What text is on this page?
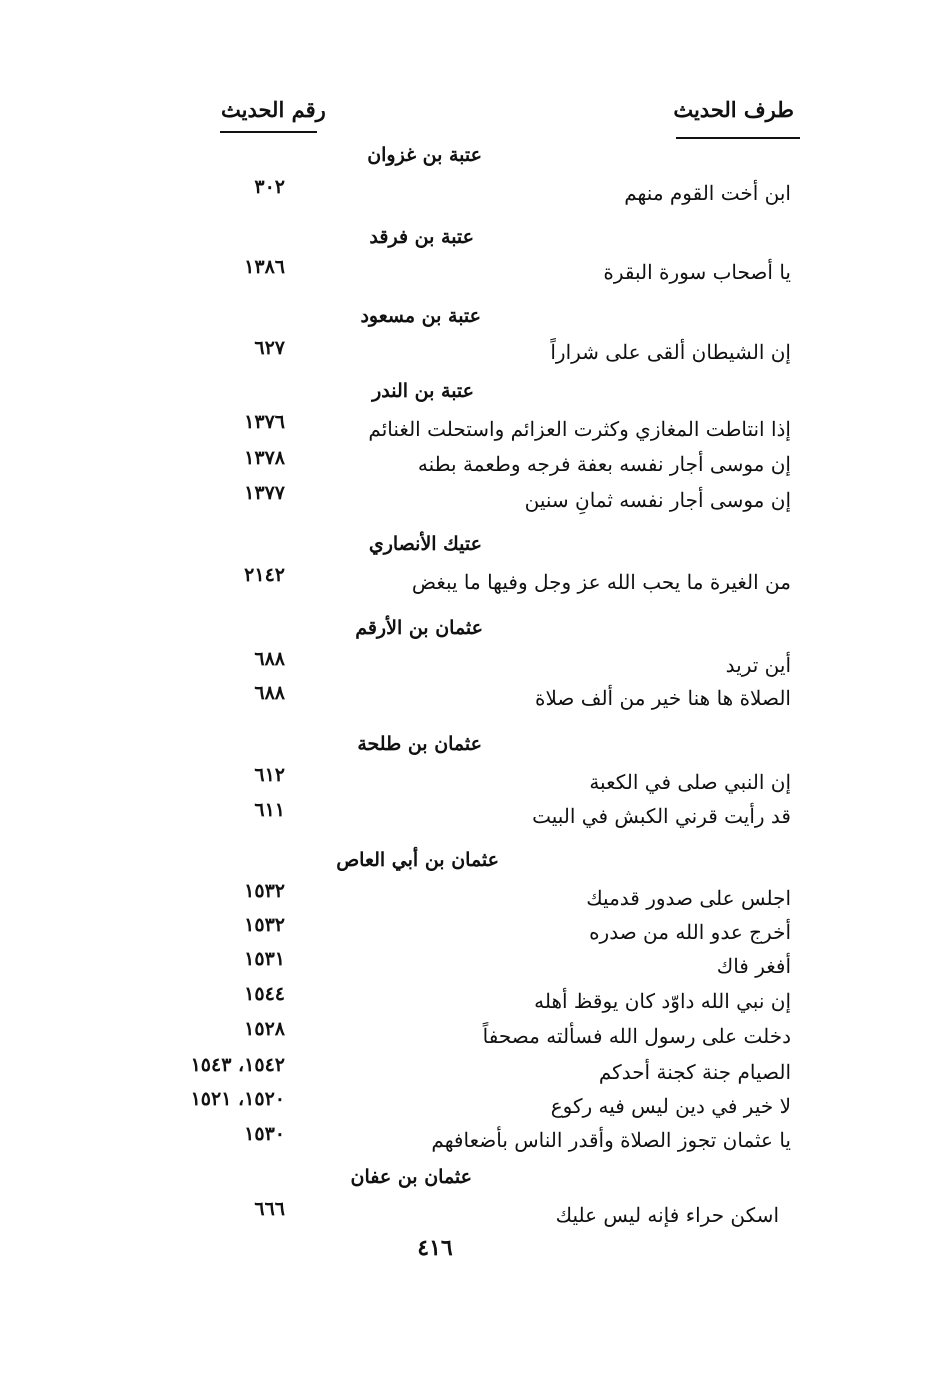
طرف الحديث
رقم الحديث
عتبة بن غزوان
ابن أخت القوم منهم
٣٠٢
عتبة بن فرقد
يا أصحاب سورة البقرة
١٣٨٦
عتبة بن مسعود
إن الشيطان ألقى على شراراً
٦٢٧
عتبة بن الندر
إذا انتاطت المغازي وكثرت العزائم واستحلت الغنائم
١٣٧٦
إن موسى أجار نفسه بعفة فرجه وطعمة بطنه
١٣٧٨
إن موسى أجار نفسه ثمانِ سنين
١٣٧٧
عتيك الأنصاري
من الغيرة ما يحب الله عز وجل وفيها ما يبغض
٢١٤٢
عثمان بن الأرقم
أين تريد
٦٨٨
الصلاة ها هنا خير من ألف صلاة
٦٨٨
عثمان بن طلحة
إن النبي صلى في الكعبة
٦١٢
قد رأيت قرني الكبش في البيت
٦١١
عثمان بن أبي العاص
اجلس على صدور قدميك
١٥٣٢
أخرج عدو الله من صدره
١٥٣٢
أفغر فاك
١٥٣١
إن نبي الله داوّد كان يوقظ أهله
١٥٤٤
دخلت على رسول الله فسألته مصحفاً
١٥٢٨
الصيام جنة كجنة أحدكم
١٥٤٢، ١٥٤٣
لا خير في دين ليس فيه ركوع
١٥٢٠، ١٥٢١
يا عثمان تجوز الصلاة وأقدر الناس بأضعافهم
١٥٣٠
عثمان بن عفان
اسكن حراء فإنه ليس عليك
٦٦٦
٤١٦
